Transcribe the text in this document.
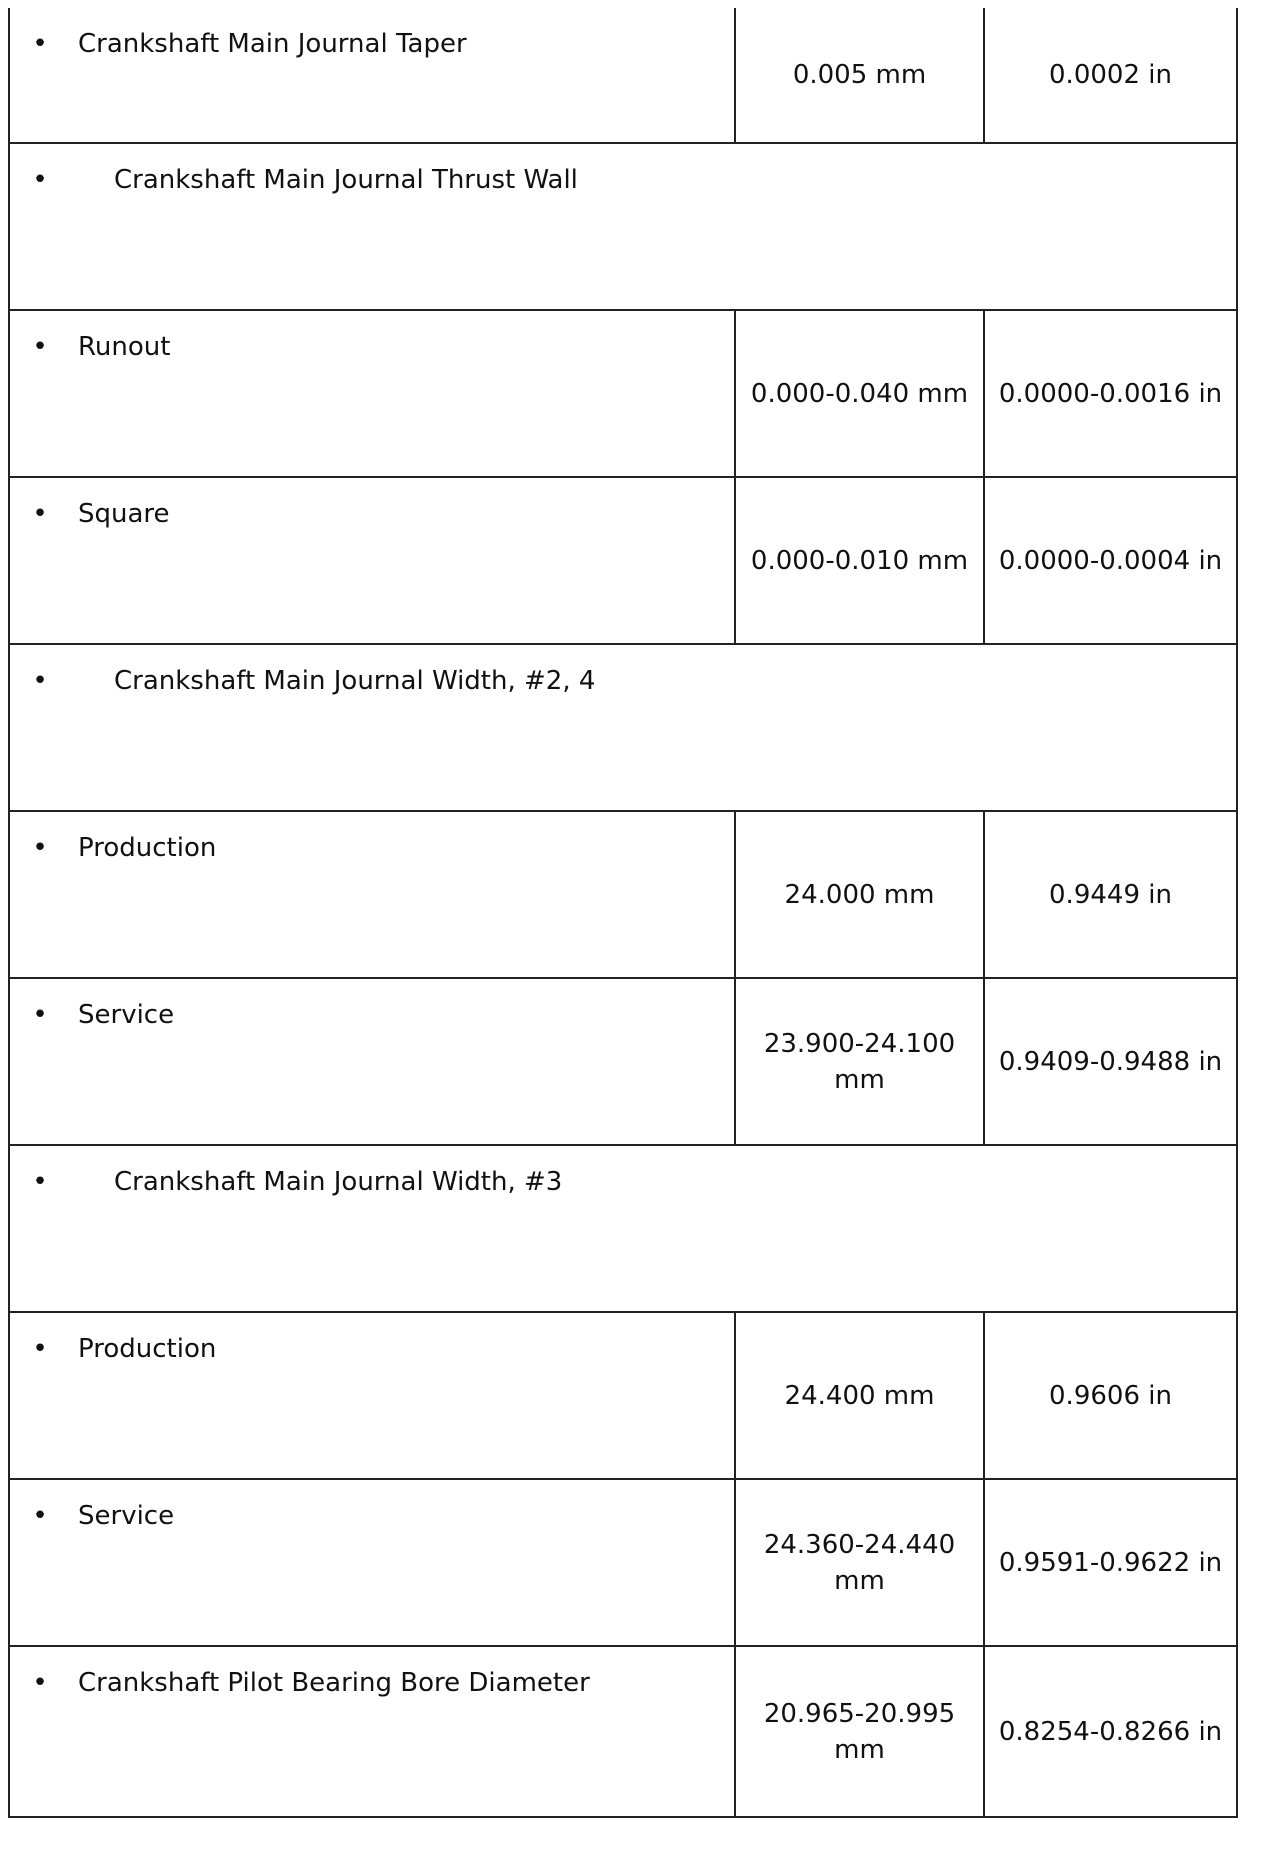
• Crankshaft Main Journal Taper	0.005 mm	0.0002 in

• Crankshaft Main Journal Thrust Wall		

• Runout	0.000-0.040 mm	0.0000-0.0016 in

• Square	0.000-0.010 mm	0.0000-0.0004 in

• Crankshaft Main Journal Width, #2, 4		

• Production	24.000 mm	0.9449 in

• Service	23.900-24.100 mm	0.9409-0.9488 in

• Crankshaft Main Journal Width, #3		

• Production	24.400 mm	0.9606 in

• Service	24.360-24.440 mm	0.9591-0.9622 in

• Crankshaft Pilot Bearing Bore Diameter	20.965-20.995 mm	0.8254-0.8266 in
